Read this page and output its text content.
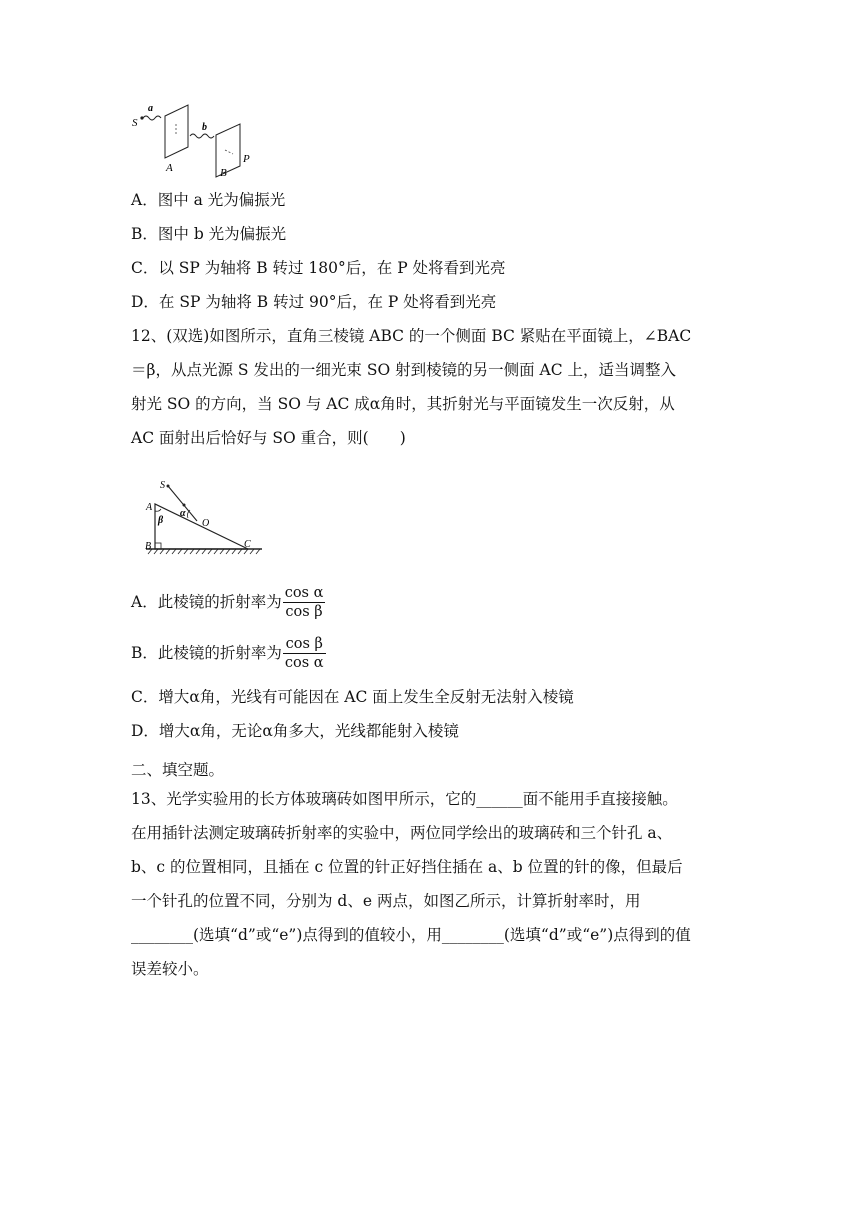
S
a
A
b
B
P
A．图中 a 光为偏振光
B．图中 b 光为偏振光
C．以 SP 为轴将 B 转过 180°后，在 P 处将看到光亮
D．在 SP 为轴将 B 转过 90°后，在 P 处将看到光亮
12、(双选)如图所示，直角三棱镜 ABC 的一个侧面 BC 紧贴在平面镜上，∠BAC
＝β，从点光源 S 发出的一细光束 SO 射到棱镜的另一侧面 AC 上，适当调整入
射光 SO 的方向，当 SO 与 AC 成α角时，其折射光与平面镜发生一次反射，从
AC 面射出后恰好与 SO 重合，则(　　)
S
A
β
α
O
B	C
A．此棱镜的折射率为 $\frac{\text{cos α}}{\text{cos β}}$
B．此棱镜的折射率为 $\frac{\text{cos β}}{\text{cos α}}$
C．增大α角，光线有可能因在 AC 面上发生全反射无法射入棱镜
D．增大α角，无论α角多大，光线都能射入棱镜
二、填空题。
13、光学实验用的长方体玻璃砖如图甲所示，它的______面不能用手直接接触。
在用插针法测定玻璃砖折射率的实验中，两位同学绘出的玻璃砖和三个针孔 a、
b、c 的位置相同，且插在 c 位置的针正好挡住插在 a、b 位置的针的像，但最后
一个针孔的位置不同，分别为 d、e 两点，如图乙所示，计算折射率时，用
________(选填“d”或“e”)点得到的值较小，用________(选填“d”或“e”)点得到的值
误差较小。
